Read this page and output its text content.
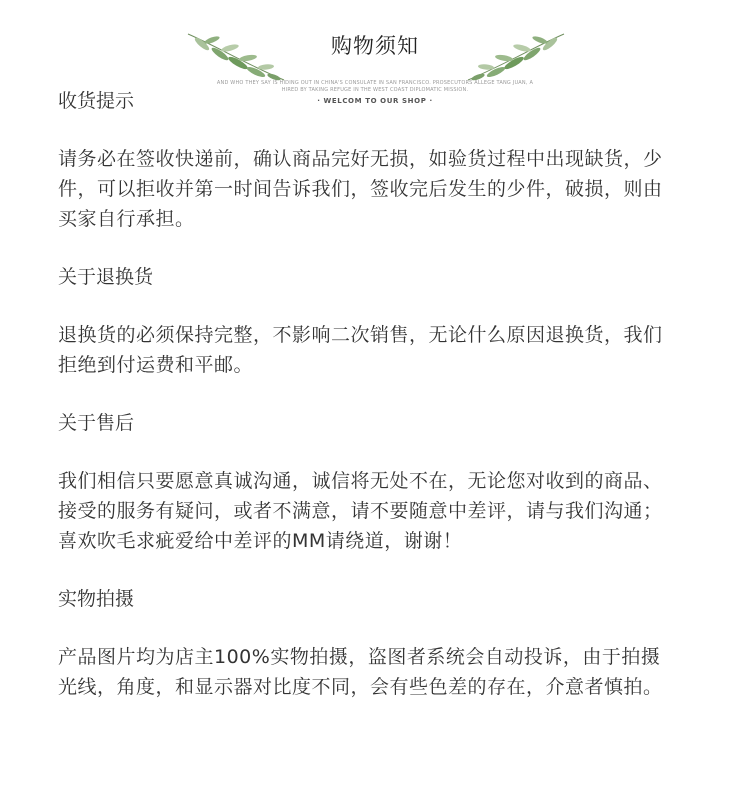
购物须知
AND WHO THEY SAY IS HIDING OUT IN CHINA'S CONSULATE IN SAN FRANCISCO. PROSECUTORS ALLEGE TANG JUAN, A
HIRED BY TAKING REFUGE IN THE WEST COAST DIPLOMATIC MISSION.
· WELCOM TO OUR SHOP ·
收货提示
请务必在签收快递前，确认商品完好无损，如验货过程中出现缺货，少
件，可以拒收并第一时间告诉我们，签收完后发生的少件，破损，则由
买家自行承担。
关于退换货
退换货的必须保持完整，不影响二次销售，无论什么原因退换货，我们
拒绝到付运费和平邮。
关于售后
我们相信只要愿意真诚沟通，诚信将无处不在，无论您对收到的商品、
接受的服务有疑问，或者不满意，请不要随意中差评，请与我们沟通；
喜欢吹毛求疵爱给中差评的MM请绕道，谢谢！
实物拍摄
产品图片均为店主100%实物拍摄，盗图者系统会自动投诉，由于拍摄
光线，角度，和显示器对比度不同，会有些色差的存在，介意者慎拍。
